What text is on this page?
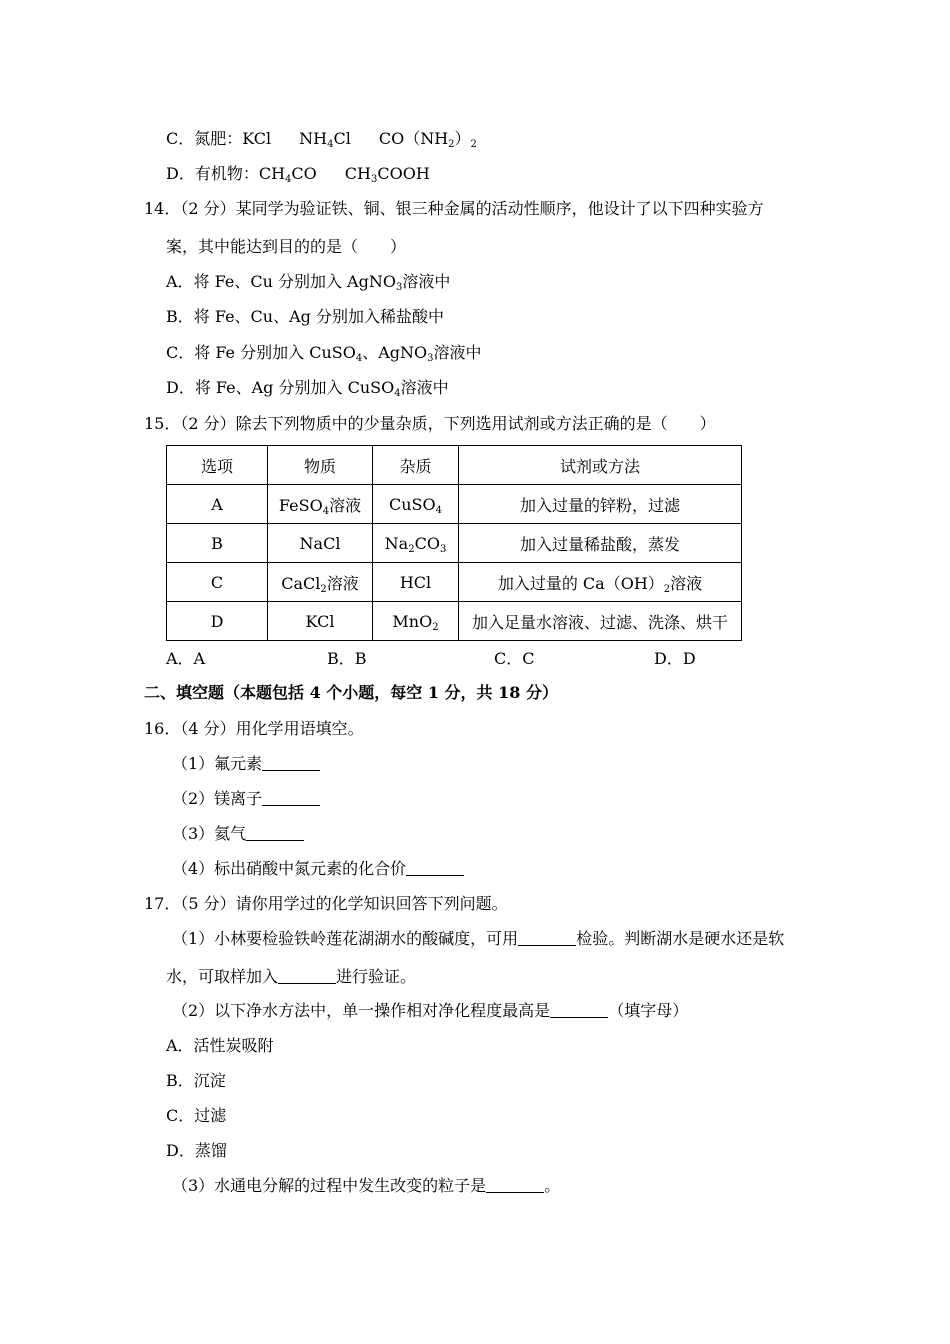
C．氮肥：KCl $NH_4Cl$ $CO(NH_2)_2$
D．有机物：$CH_4CO$ $CH_3COOH$
14．（2 分）某同学为验证铁、铜、银三种金属的活动性顺序，他设计了以下四种实验方
案，其中能达到目的的是（　　）
A．将 Fe、Cu 分别加入 AgNO$_3$溶液中
B．将 Fe、Cu、Ag 分别加入稀盐酸中
C．将 Fe 分别加入 CuSO$_4$、AgNO$_3$溶液中
D．将 Fe、Ag 分别加入 CuSO$_4$溶液中
15．（2 分）除去下列物质中的少量杂质，下列选用试剂或方法正确的是（　　）
选项	物质	杂质	试剂或方法
A	FeSO$_4$溶液	CuSO$_4$	加入过量的锌粉，过滤
B	NaCl	$Na_2CO_3$	加入过量稀盐酸，蒸发
C	CaCl$_2$溶液	HCl	加入过量的 $Ca(OH)_2$溶液
D	KCl	MnO$_2$	加入足量水溶液、过滤、洗涤、烘干
A．A	B．B	C．C	D．D
二、填空题（本题包括 4 个小题，每空 1 分，共 18 分）
16．（4 分）用化学用语填空。
（1）氟元素
（2）镁离子
（3）氦气
（4）标出硝酸中氮元素的化合价
17．（5 分）请你用学过的化学知识回答下列问题。
（1）小林要检验铁岭莲花湖湖水的酸碱度，可用	检验。判断湖水是硬水还是软
水，可取样加入	进行验证。
（2）以下净水方法中，单一操作相对净化程度最高是	（填字母）
A．活性炭吸附
B．沉淀
C．过滤
D．蒸馏
（3）水通电分解的过程中发生改变的粒子是	。
